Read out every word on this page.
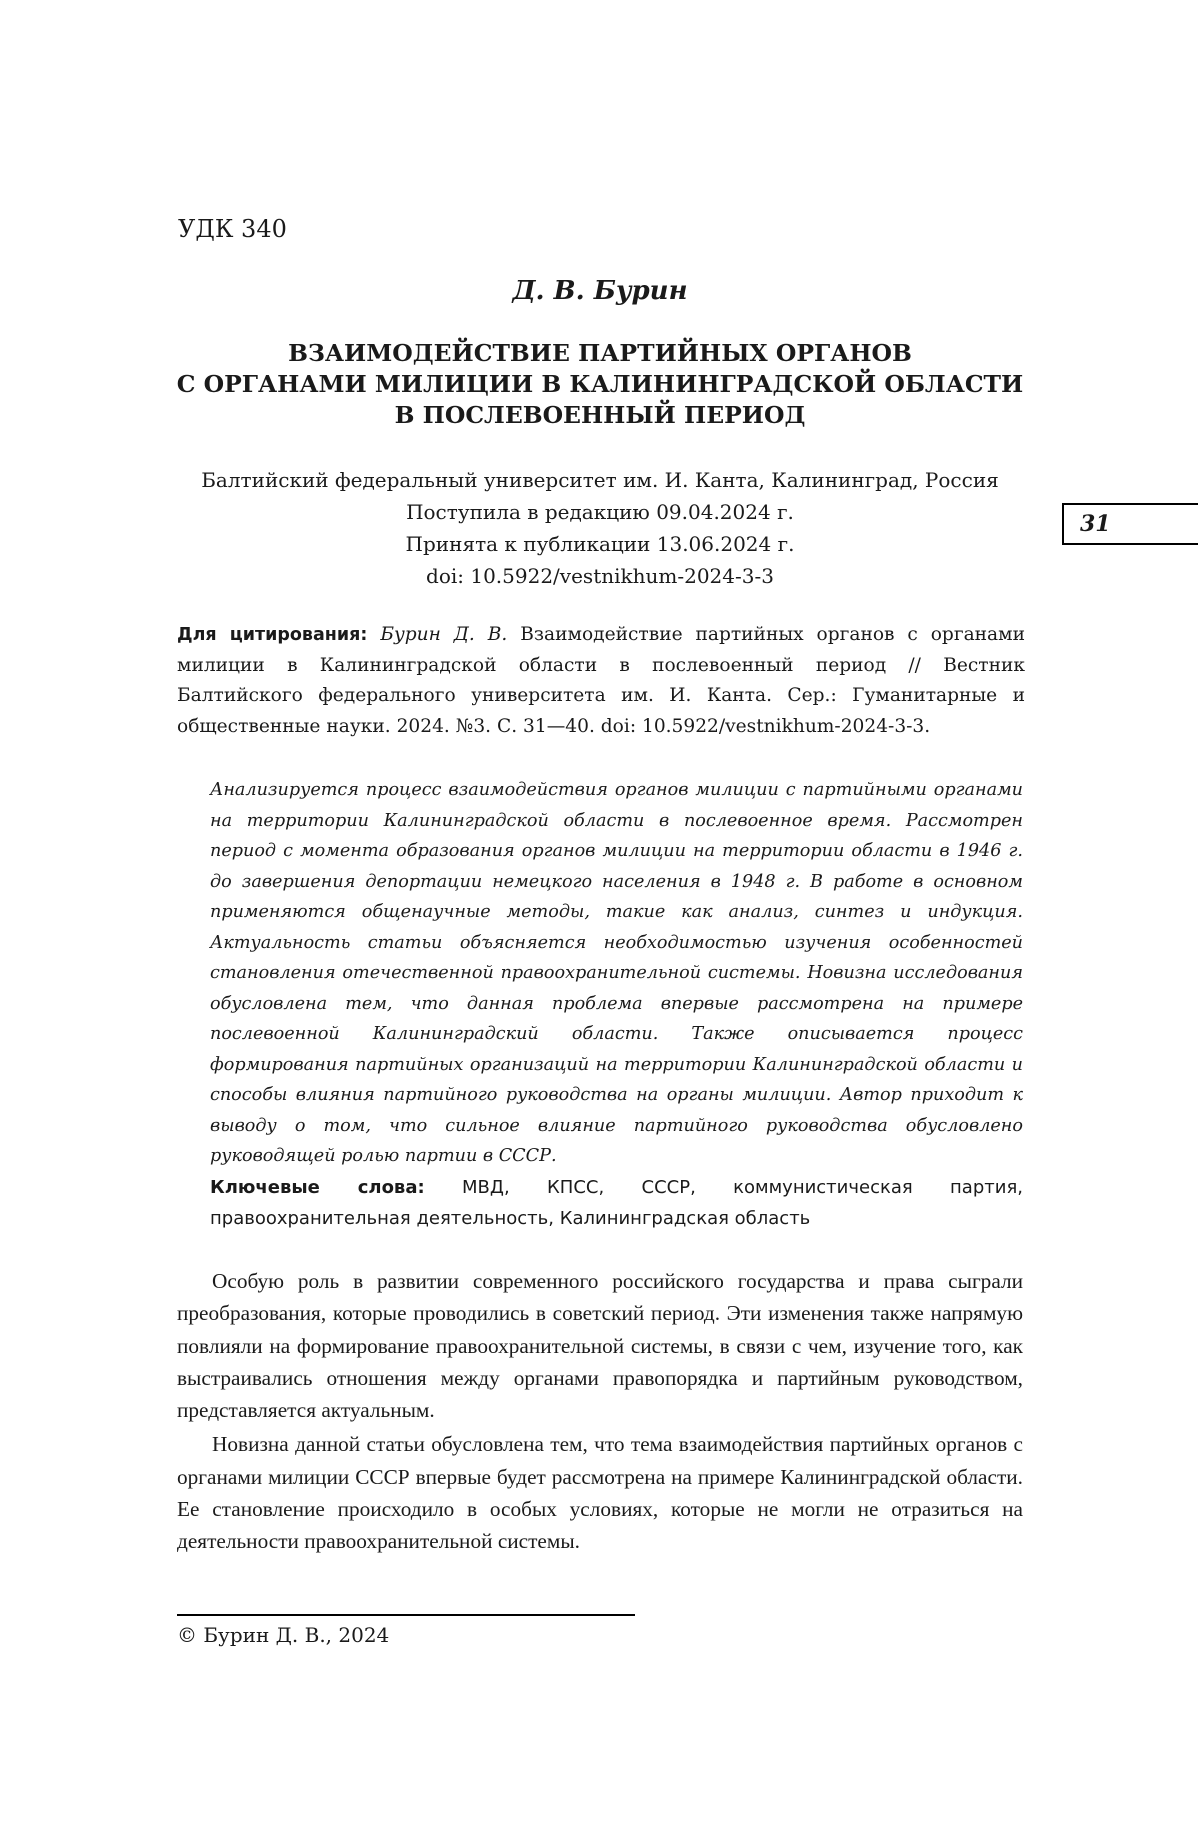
УДК 340
Д. В. Бурин
ВЗАИМОДЕЙСТВИЕ ПАРТИЙНЫХ ОРГАНОВ
С ОРГАНАМИ МИЛИЦИИ В КАЛИНИНГРАДСКОЙ ОБЛАСТИ
В ПОСЛЕВОЕННЫЙ ПЕРИОД
Балтийский федеральный университет им. И. Канта, Калининград, Россия
Поступила в редакцию 09.04.2024 г.
Принята к публикации 13.06.2024 г.
doi: 10.5922/vestnikhum-2024-3-3
31
Для цитирования: Бурин Д. В. Взаимодействие партийных органов с органами милиции в Калининградской области в послевоенный период // Вестник Балтийского федерального университета им. И. Канта. Сер.: Гуманитарные и общественные науки. 2024. №3. С. 31—40. doi: 10.5922/vestnikhum-2024-3-3.

Анализируется процесс взаимодействия органов милиции с партийными органами на территории Калининградской области в послевоенное время. Рассмотрен период с момента образования органов милиции на территории области в 1946 г. до завершения депортации немецкого населения в 1948 г. В работе в основном применяются общенаучные методы, такие как анализ, синтез и индукция. Актуальность статьи объясняется необходимостью изучения особенностей становления отечественной правоохранительной системы. Новизна исследования обусловлена тем, что данная проблема впервые рассмотрена на примере послевоенной Калининградский области. Также описывается процесс формирования партийных организаций на территории Калининградской области и способы влияния партийного руководства на органы милиции. Автор приходит к выводу о том, что сильное влияние партийного руководства обусловлено руководящей ролью партии в СССР.

Ключевые слова: МВД, КПСС, СССР, коммунистическая партия, правоохранительная деятельность, Калининградская область

Особую роль в развитии современного российского государства и права сыграли преобразования, которые проводились в советский период. Эти изменения также напрямую повлияли на формирование правоохранительной системы, в связи с чем, изучение того, как выстраивались отношения между органами правопорядка и партийным руководством, представляется актуальным.

Новизна данной статьи обусловлена тем, что тема взаимодействия партийных органов с органами милиции СССР впервые будет рассмотрена на примере Калининградской области. Ее становление происходило в особых условиях, которые не могли не отразиться на деятельности правоохранительной системы.

© Бурин Д. В., 2024
